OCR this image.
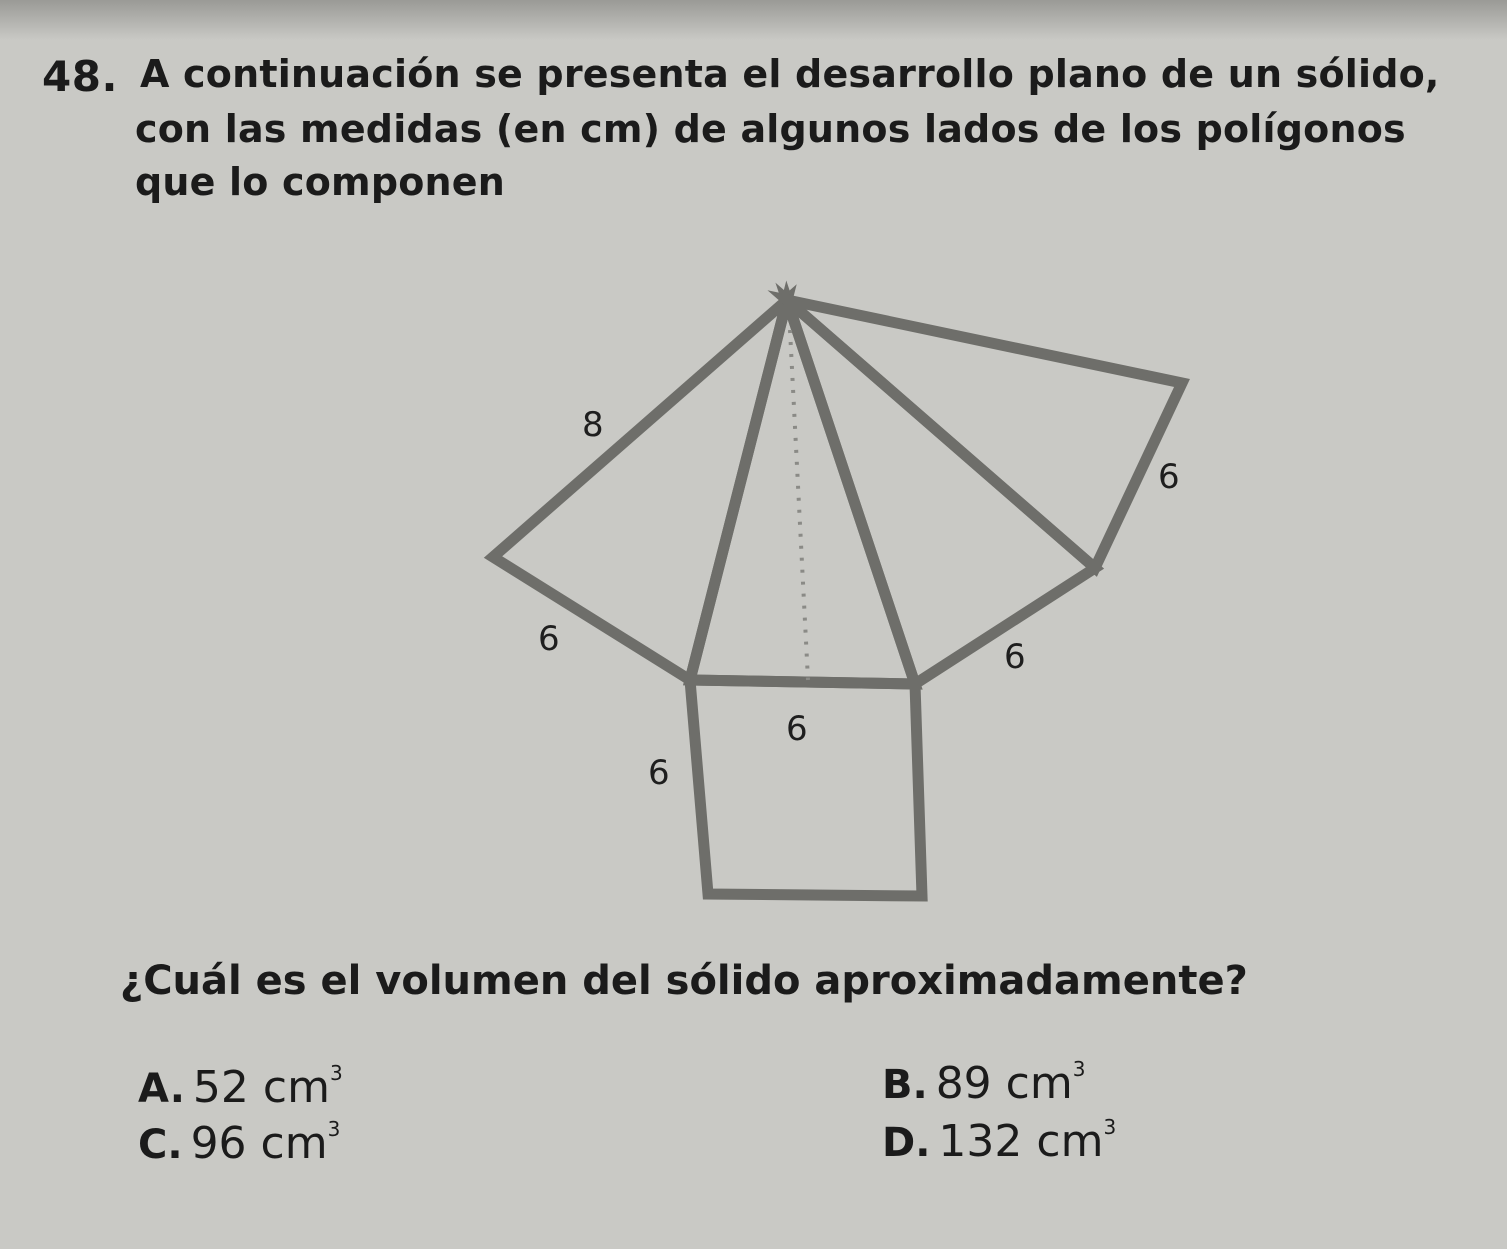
48. A continuación se presenta el desarrollo plano de un sólido,
con las medidas (en cm) de algunos lados de los polígonos
que lo componen
8
6
6	6
6
6
¿Cuál es el volumen del sólido aproximadamente?
A. 52 $cm^3$	B. 89 $cm^3$
C. 96 $cm^3$	D. 132 $cm^3$
